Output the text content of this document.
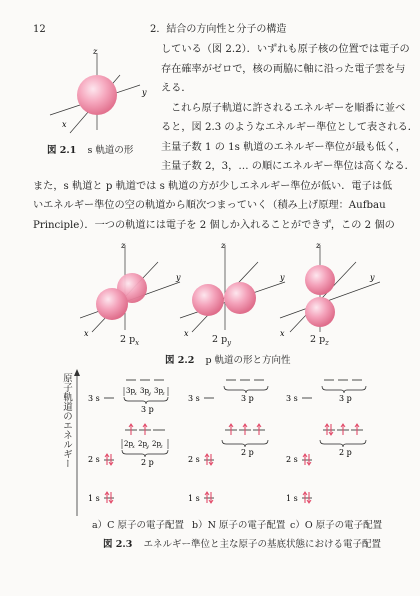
12	2．結合の方向性と分子の構造
z
y
x
図 2.1 s 軌道の形
している（図 2.2）．いずれも原子核の位置では電子の
存在確率がゼロで，核の両脇に軸に沿った電子雲を与
える．
これら原子軌道に許されるエネルギーを順番に並べ
ると，図 2.3 のようなエネルギー準位として表される．
主量子数 1 の 1s 軌道のエネルギー準位が最も低く，
主量子数 2，3，… の順にエネルギー準位は高くなる．
また，s 軌道と p 軌道では s 軌道の方が少しエネルギー準位が低い．電子は低
いエネルギー準位の空の軌道から順次つまっていく（積み上げ原理：Aufbau
Principle）．一つの軌道には電子を 2 個しか入れることができず，この 2 個の
z
y
x
z
y
x
z
y
x
2 $p_x$	2 $p_y$	2 $p_z$
図 2.2 p 軌道の形と方向性
原子軌道のエネルギー 3 s
3p x 3p y 3p z
3 p
2 s
2p x 2p y 2p z
2 p
1 s
3 s	3 p
2 s
2 p
1 s
3 s	3 p
2 s
2 p
1 s
a）C 原子の電子配置 b）N 原子の電子配置 c）O 原子の電子配置
図 2.3 エネルギー準位と主な原子の基底状態における電子配置
